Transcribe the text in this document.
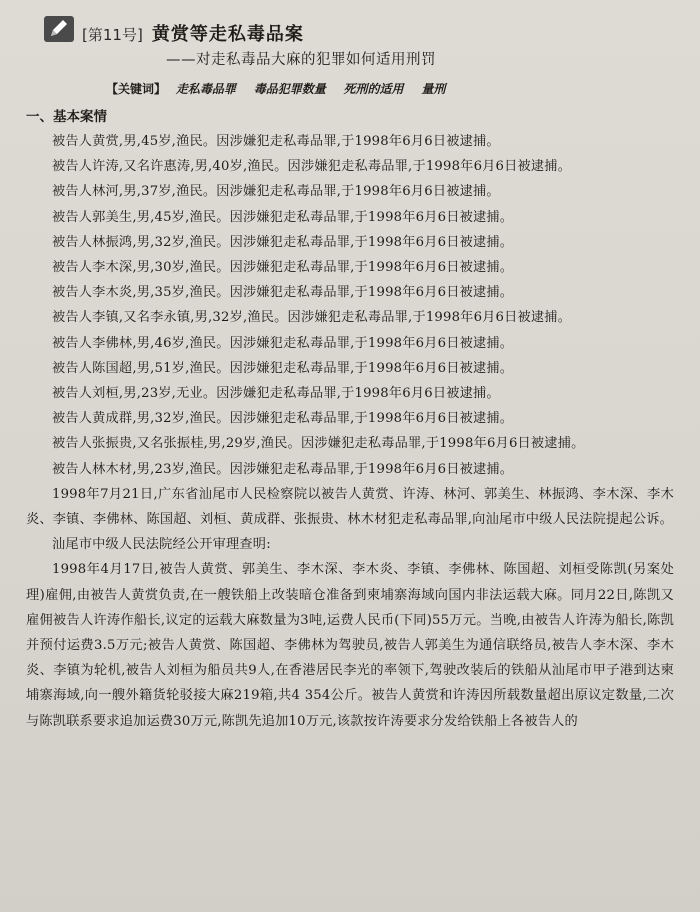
[第11号] 黄赏等走私毒品案
——对走私毒品大麻的犯罪如何适用刑罚
【关键词】 走私毒品罪 毒品犯罪数量 死刑的适用 量刑
一、基本案情

被告人黄赏,男,45岁,渔民。因涉嫌犯走私毒品罪,于1998年6月6日被逮捕。

被告人许涛,又名许惠涛,男,40岁,渔民。因涉嫌犯走私毒品罪,于1998年6月6日被逮捕。

被告人林河,男,37岁,渔民。因涉嫌犯走私毒品罪,于1998年6月6日被逮捕。

被告人郭美生,男,45岁,渔民。因涉嫌犯走私毒品罪,于1998年6月6日被逮捕。

被告人林振鸿,男,32岁,渔民。因涉嫌犯走私毒品罪,于1998年6月6日被逮捕。

被告人李木深,男,30岁,渔民。因涉嫌犯走私毒品罪,于1998年6月6日被逮捕。

被告人李木炎,男,35岁,渔民。因涉嫌犯走私毒品罪,于1998年6月6日被逮捕。

被告人李镇,又名李永镇,男,32岁,渔民。因涉嫌犯走私毒品罪,于1998年6月6日被逮捕。

被告人李佛林,男,46岁,渔民。因涉嫌犯走私毒品罪,于1998年6月6日被逮捕。

被告人陈国超,男,51岁,渔民。因涉嫌犯走私毒品罪,于1998年6月6日被逮捕。

被告人刘桓,男,23岁,无业。因涉嫌犯走私毒品罪,于1998年6月6日被逮捕。

被告人黄成群,男,32岁,渔民。因涉嫌犯走私毒品罪,于1998年6月6日被逮捕。

被告人张振贵,又名张振桂,男,29岁,渔民。因涉嫌犯走私毒品罪,于1998年6月6日被逮捕。

被告人林木材,男,23岁,渔民。因涉嫌犯走私毒品罪,于1998年6月6日被逮捕。

1998年7月21日,广东省汕尾市人民检察院以被告人黄赏、许涛、林河、郭美生、林振鸿、李木深、李木炎、李镇、李佛林、陈国超、刘桓、黄成群、张振贵、林木材犯走私毒品罪,向汕尾市中级人民法院提起公诉。

汕尾市中级人民法院经公开审理查明:

1998年4月17日,被告人黄赏、郭美生、李木深、李木炎、李镇、李佛林、陈国超、刘桓受陈凯(另案处理)雇佣,由被告人黄赏负责,在一艘铁船上改装暗仓准备到柬埔寨海域向国内非法运载大麻。同月22日,陈凯又雇佣被告人许涛作船长,议定的运载大麻数量为3吨,运费人民币(下同)55万元。当晚,由被告人许涛为船长,陈凯并预付运费3.5万元;被告人黄赏、陈国超、李佛林为驾驶员,被告人郭美生为通信联络员,被告人李木深、李木炎、李镇为轮机,被告人刘桓为船员共9人,在香港居民李光的率领下,驾驶改装后的铁船从汕尾市甲子港到达柬埔寨海域,向一艘外籍货轮驳接大麻219箱,共4 354公斤。被告人黄赏和许涛因所载数量超出原议定数量,二次与陈凯联系要求追加运费30万元,陈凯先追加10万元,该款按许涛要求分发给铁船上各被告人的
